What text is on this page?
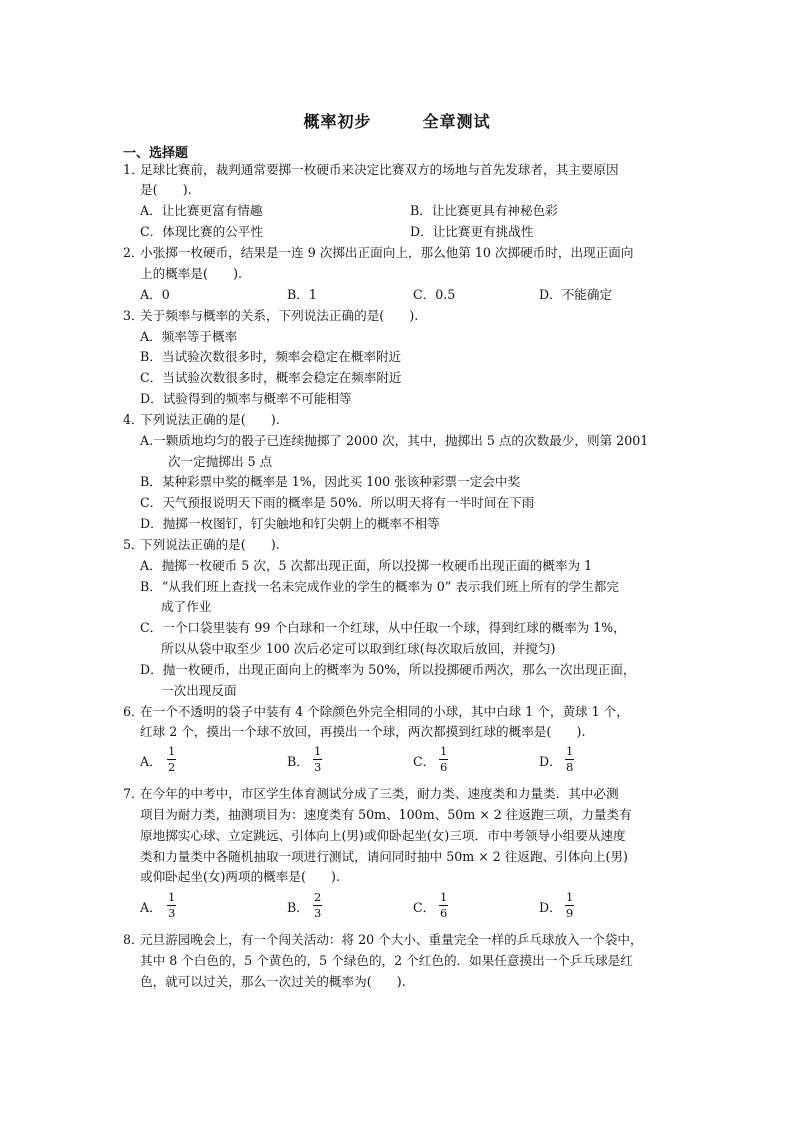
概率初步　　　全章测试
一、选择题
1．
足球比赛前，裁判通常要掷一枚硬币来决定比赛双方的场地与首先发球者，其主要原因
是(　　).
A．让比赛更富有情趣	B．让比赛更具有神秘色彩
C．体现比赛的公平性	D．让比赛更有挑战性
2．
小张掷一枚硬币，结果是一连 9 次掷出正面向上，那么他第 10 次掷硬币时，出现正面向
上的概率是(　　).
A．0	B．1	C．0.5	D．不能确定
3．
关于频率与概率的关系，下列说法正确的是(　　).
A．频率等于概率
B．当试验次数很多时，频率会稳定在概率附近
C．当试验次数很多时，概率会稳定在频率附近
D．试验得到的频率与概率不可能相等
4．
下列说法正确的是(　　).
A.一颗质地均匀的骰子已连续抛掷了 2000 次，其中，抛掷出 5 点的次数最少，则第 2001
次一定抛掷出 5 点
B．某种彩票中奖的概率是 1%，因此买 100 张该种彩票一定会中奖
C．天气预报说明天下雨的概率是 50%．所以明天将有一半时间在下雨
D．抛掷一枚图钉，钉尖触地和钉尖朝上的概率不相等
5．
下列说法正确的是(　　).
A．抛掷一枚硬币 5 次，5 次都出现正面，所以投掷一枚硬币出现正面的概率为 1
B．“从我们班上查找一名未完成作业的学生的概率为 0” 表示我们班上所有的学生都完
成了作业
C．一个口袋里装有 99 个白球和一个红球，从中任取一个球，得到红球的概率为 1%，
所以从袋中取至少 100 次后必定可以取到红球(每次取后放回，并搅匀)
D．抛一枚硬币，出现正面向上的概率为 50%，所以投掷硬币两次，那么一次出现正面，
一次出现反面
6．
在一个不透明的袋子中装有 4 个除颜色外完全相同的小球，其中白球 1 个，黄球 1 个，
红球 2 个，摸出一个球不放回，再摸出一个球，两次都摸到红球的概率是(　　).
A．
1
2	B．
1
3	C．
1
6	D．
1
8
7．
在今年的中考中，市区学生体育测试分成了三类，耐力类、速度类和力量类．其中必测
项目为耐力类，抽测项目为：速度类有 50m、100m、50m × 2 往返跑三项，力量类有
原地掷实心球、立定跳远、引体向上(男)或仰卧起坐(女)三项．市中考领导小组要从速度
类和力量类中各随机抽取一项进行测试，请问同时抽中 50m × 2 往返跑、引体向上(男)
或仰卧起坐(女)两项的概率是(　　).
A．
1
3	B．
2
3	C．
1
6	D．
1
9
8．
元旦游园晚会上，有一个闯关活动：将 20 个大小、重量完全一样的乒乓球放入一个袋中，
其中 8 个白色的，5 个黄色的，5 个绿色的，2 个红色的．如果任意摸出一个乒乓球是红
色，就可以过关，那么一次过关的概率为(　　).
